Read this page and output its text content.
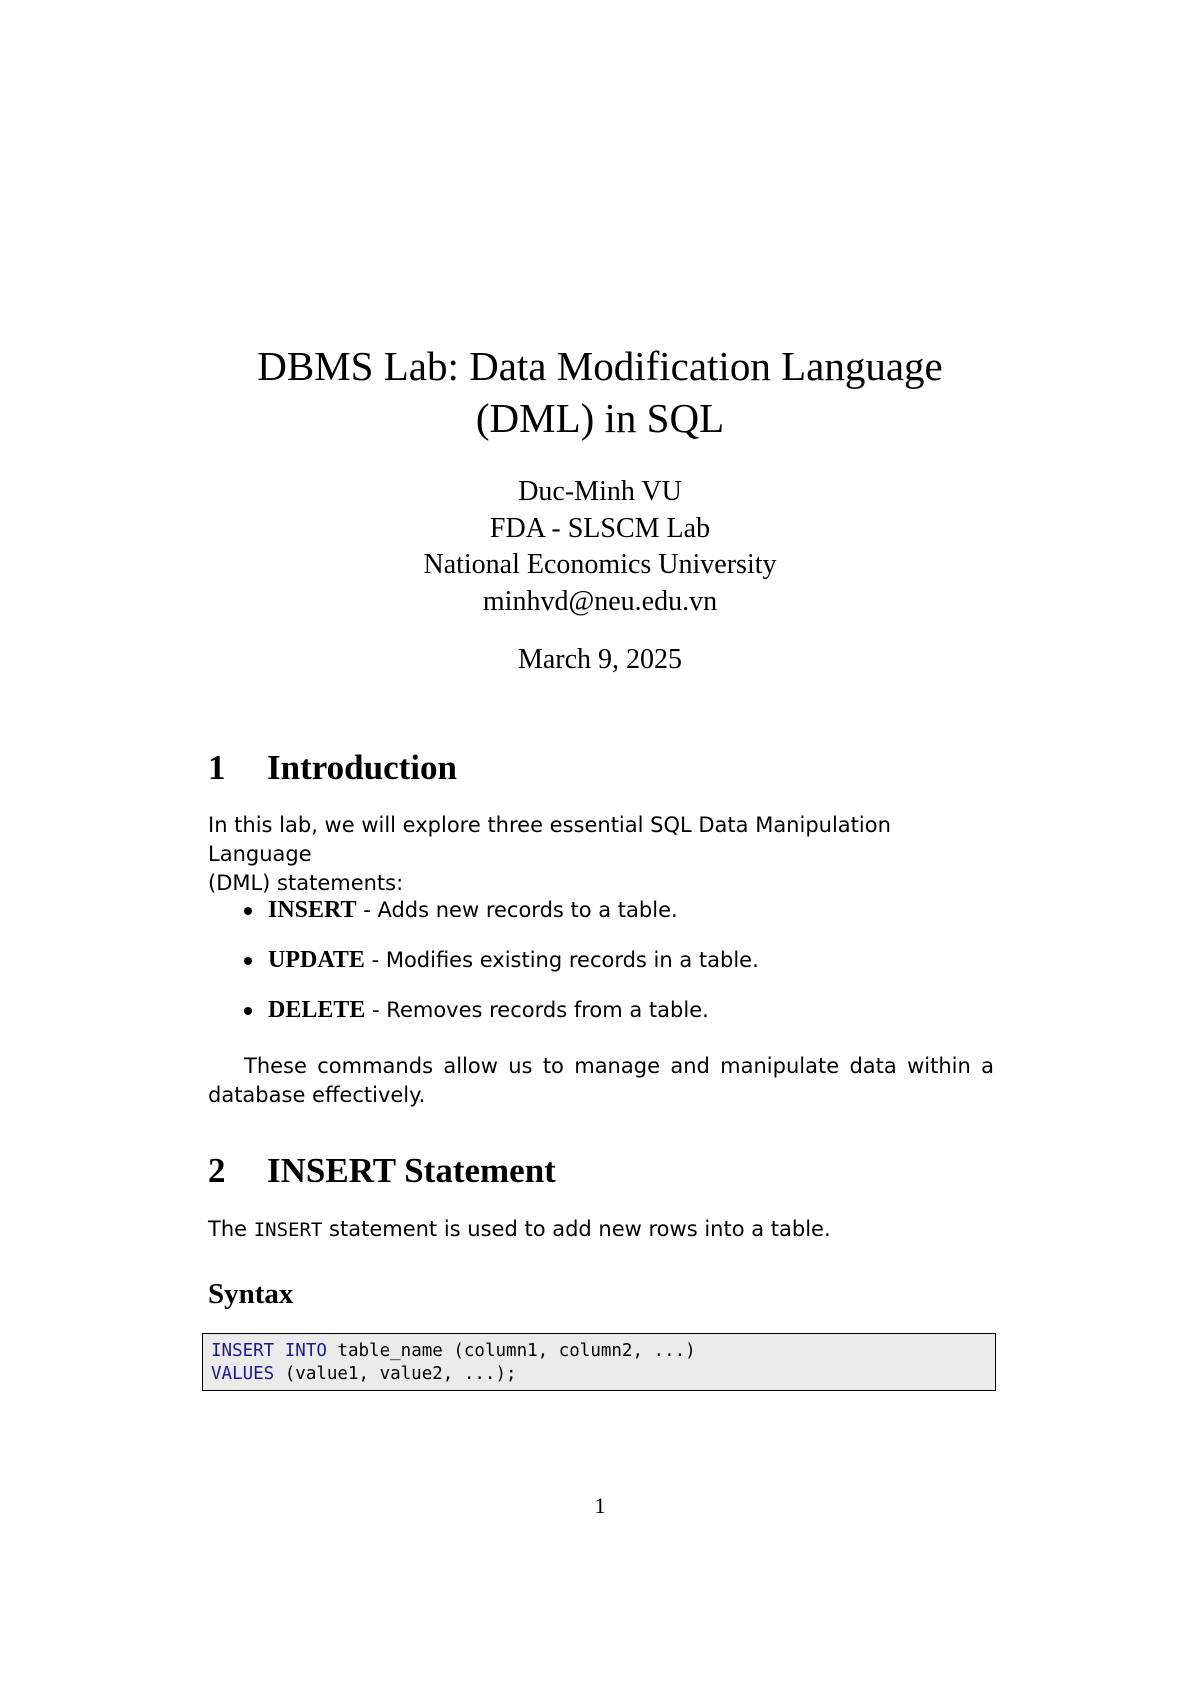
DBMS Lab: Data Modification Language
(DML) in SQL
Duc-Minh VU
FDA - SLSCM Lab
National Economics University
minhvd@neu.edu.vn
March 9, 2025
1 Introduction
In this lab, we will explore three essential SQL Data Manipulation Language
(DML) statements:
INSERT - Adds new records to a table.
UPDATE - Modifies existing records in a table.
DELETE - Removes records from a table.
These commands allow us to manage and manipulate data within a database effectively.
2 INSERT Statement
The INSERT statement is used to add new rows into a table.
Syntax
INSERT INTO table_name (column1, column2, ...)
VALUES (value1, value2, ...);
1
